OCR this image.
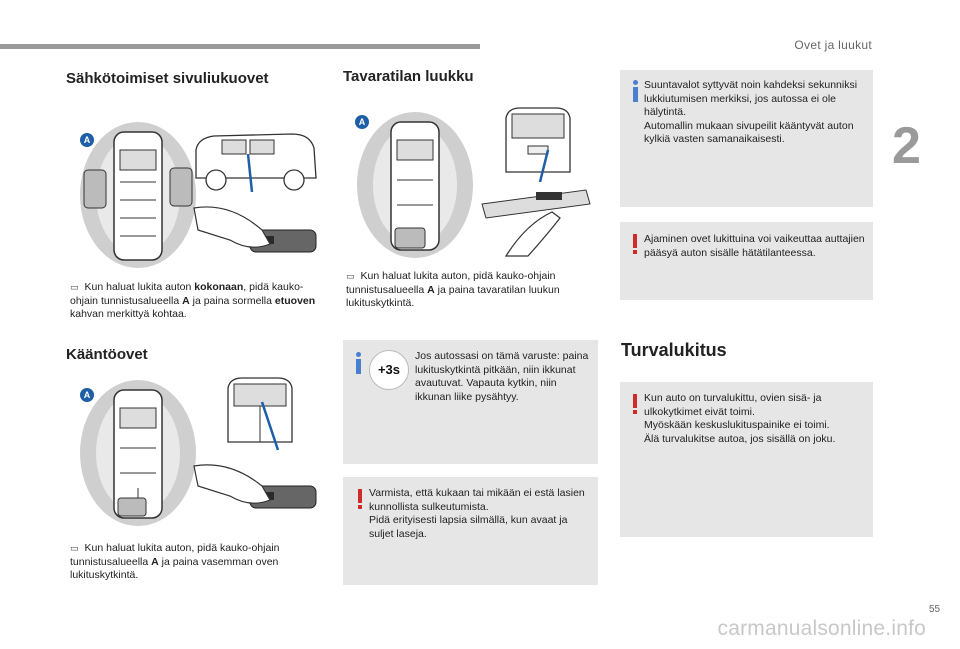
Ovet ja luukut
2
Sähkötoimiset sivuliukuovet
A
▭ Kun haluat lukita auton kokonaan, pidä kauko-ohjain tunnistusalueella A ja paina sormella etuoven kahvan merkittyä kohtaa.
Kääntöovet
A
▭ Kun haluat lukita auton, pidä kauko-ohjain tunnistusalueella A ja paina vasemman oven lukituskytkintä.
Tavaratilan luukku
A
▭ Kun haluat lukita auton, pidä kauko-ohjain tunnistusalueella A ja paina tavaratilan luukun lukituskytkintä.
+3s
Jos autossasi on tämä varuste: paina lukituskytkintä pitkään, niin ikkunat avautuvat. Vapauta kytkin, niin ikkunan liike pysähtyy.
Varmista, että kukaan tai mikään ei estä lasien kunnollista sulkeutumista.
Pidä erityisesti lapsia silmällä, kun avaat ja suljet laseja.
Suuntavalot syttyvät noin kahdeksi sekunniksi lukkiutumisen merkiksi, jos autossa ei ole hälytintä.
Automallin mukaan sivupeilit kääntyvät auton kylkiä vasten samanaikaisesti.
Ajaminen ovet lukittuina voi vaikeuttaa auttajien pääsyä auton sisälle hätätilanteessa.
Turvalukitus
Kun auto on turvalukittu, ovien sisä- ja ulkokytkimet eivät toimi.
Myöskään keskuslukituspainike ei toimi.
Älä turvalukitse autoa, jos sisällä on joku.
55
carmanualsonline.info
